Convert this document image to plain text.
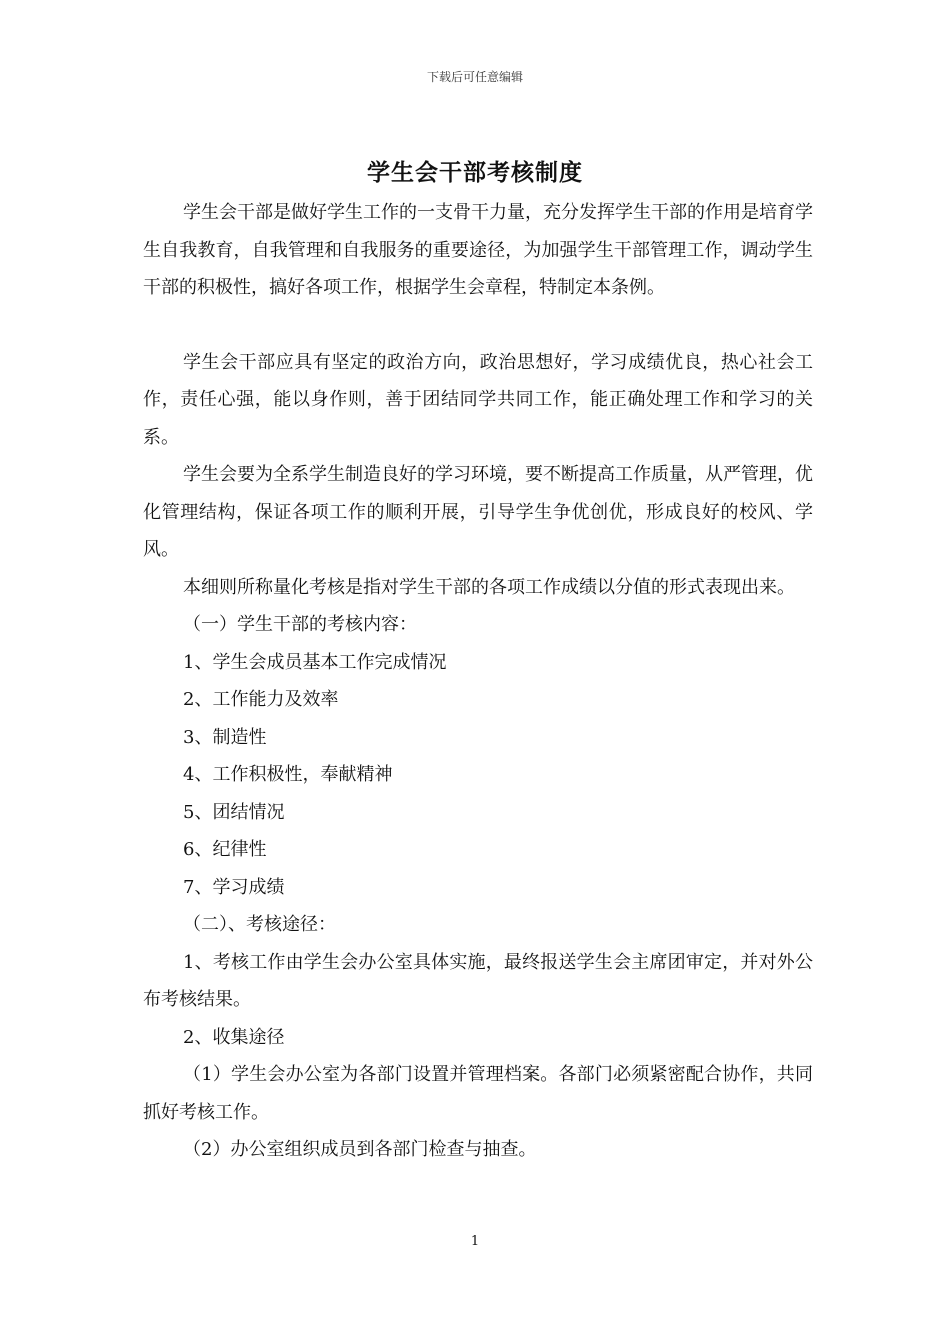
下载后可任意编辑
学生会干部考核制度

学生会干部是做好学生工作的一支骨干力量，充分发挥学生干部的作用是培育学生自我教育，自我管理和自我服务的重要途径，为加强学生干部管理工作，调动学生干部的积极性，搞好各项工作，根据学生会章程，特制定本条例。

学生会干部应具有坚定的政治方向，政治思想好，学习成绩优良，热心社会工作，责任心强，能以身作则，善于团结同学共同工作，能正确处理工作和学习的关系。

学生会要为全系学生制造良好的学习环境，要不断提高工作质量，从严管理，优化管理结构，保证各项工作的顺利开展，引导学生争优创优，形成良好的校风、学风。

本细则所称量化考核是指对学生干部的各项工作成绩以分值的形式表现出来。

（一）学生干部的考核内容：

1、学生会成员基本工作完成情况

2、工作能力及效率

3、制造性

4、工作积极性，奉献精神

5、团结情况

6、纪律性

7、学习成绩

（二）、考核途径：

1、考核工作由学生会办公室具体实施，最终报送学生会主席团审定，并对外公布考核结果。

2、收集途径

（1）学生会办公室为各部门设置并管理档案。各部门必须紧密配合协作，共同抓好考核工作。

（2）办公室组织成员到各部门检查与抽查。

1
